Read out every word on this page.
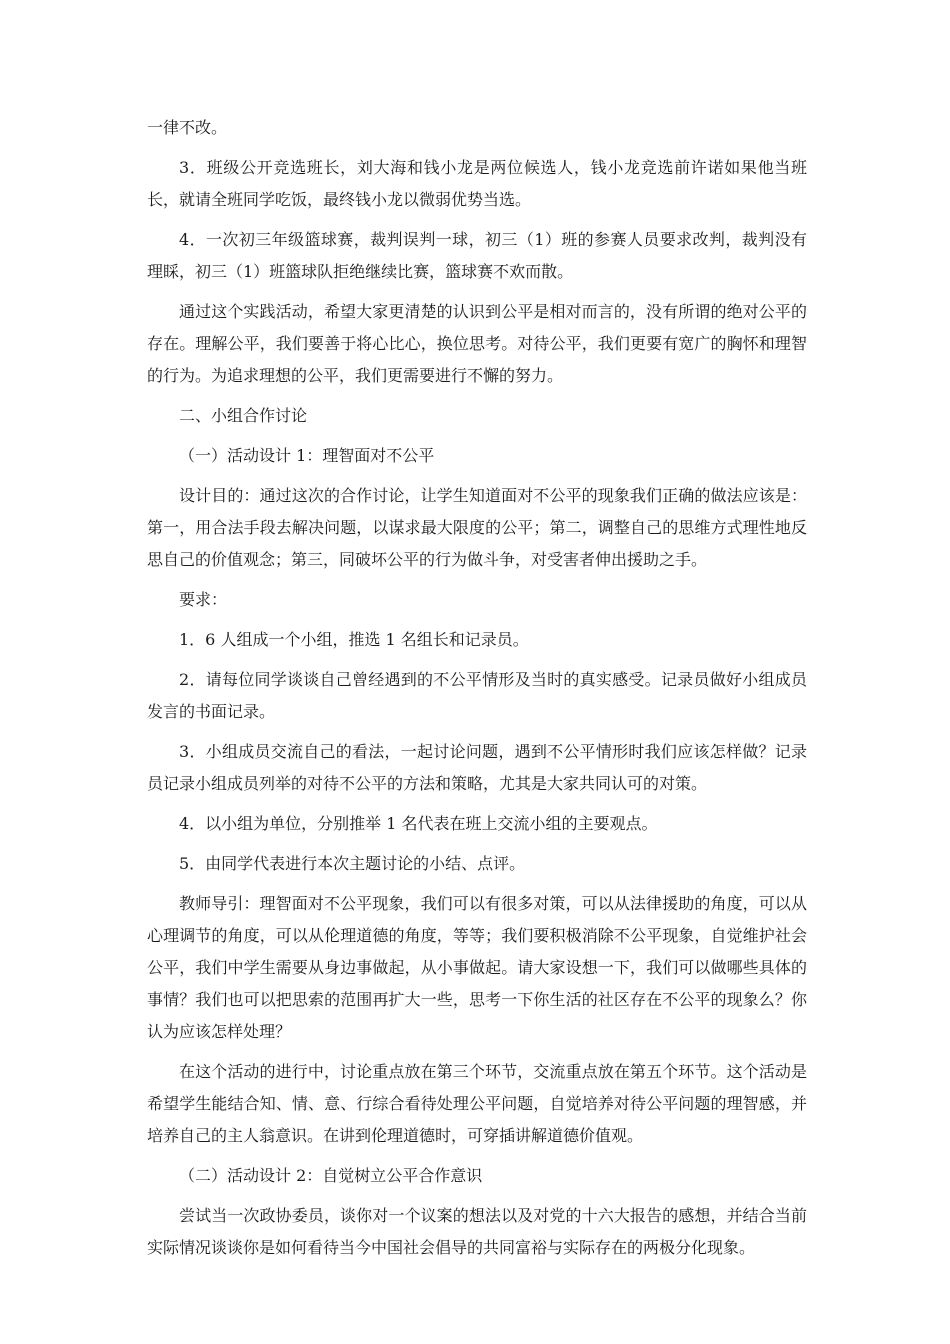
一律不改。

3．班级公开竞选班长，刘大海和钱小龙是两位候选人，钱小龙竞选前许诺如果他当班长，就请全班同学吃饭，最终钱小龙以微弱优势当选。

4．一次初三年级篮球赛，裁判误判一球，初三（1）班的参赛人员要求改判，裁判没有理睬，初三（1）班篮球队拒绝继续比赛，篮球赛不欢而散。

通过这个实践活动，希望大家更清楚的认识到公平是相对而言的，没有所谓的绝对公平的存在。理解公平，我们要善于将心比心，换位思考。对待公平，我们更要有宽广的胸怀和理智的行为。为追求理想的公平，我们更需要进行不懈的努力。

二、小组合作讨论

（一）活动设计 1：理智面对不公平

设计目的：通过这次的合作讨论，让学生知道面对不公平的现象我们正确的做法应该是：第一，用合法手段去解决问题，以谋求最大限度的公平；第二，调整自己的思维方式理性地反思自己的价值观念；第三，同破坏公平的行为做斗争，对受害者伸出援助之手。

要求：

1．6 人组成一个小组，推选 1 名组长和记录员。

2．请每位同学谈谈自己曾经遇到的不公平情形及当时的真实感受。记录员做好小组成员发言的书面记录。

3．小组成员交流自己的看法，一起讨论问题，遇到不公平情形时我们应该怎样做？记录员记录小组成员列举的对待不公平的方法和策略，尤其是大家共同认可的对策。

4．以小组为单位，分别推举 1 名代表在班上交流小组的主要观点。

5．由同学代表进行本次主题讨论的小结、点评。

教师导引：理智面对不公平现象，我们可以有很多对策，可以从法律援助的角度，可以从心理调节的角度，可以从伦理道德的角度，等等；我们要积极消除不公平现象，自觉维护社会公平，我们中学生需要从身边事做起，从小事做起。请大家设想一下，我们可以做哪些具体的事情？我们也可以把思索的范围再扩大一些，思考一下你生活的社区存在不公平的现象么？你认为应该怎样处理？

在这个活动的进行中，讨论重点放在第三个环节，交流重点放在第五个环节。这个活动是希望学生能结合知、情、意、行综合看待处理公平问题，自觉培养对待公平问题的理智感，并培养自己的主人翁意识。在讲到伦理道德时，可穿插讲解道德价值观。

（二）活动设计 2：自觉树立公平合作意识

尝试当一次政协委员，谈你对一个议案的想法以及对党的十六大报告的感想，并结合当前实际情况谈谈你是如何看待当今中国社会倡导的共同富裕与实际存在的两极分化现象。
